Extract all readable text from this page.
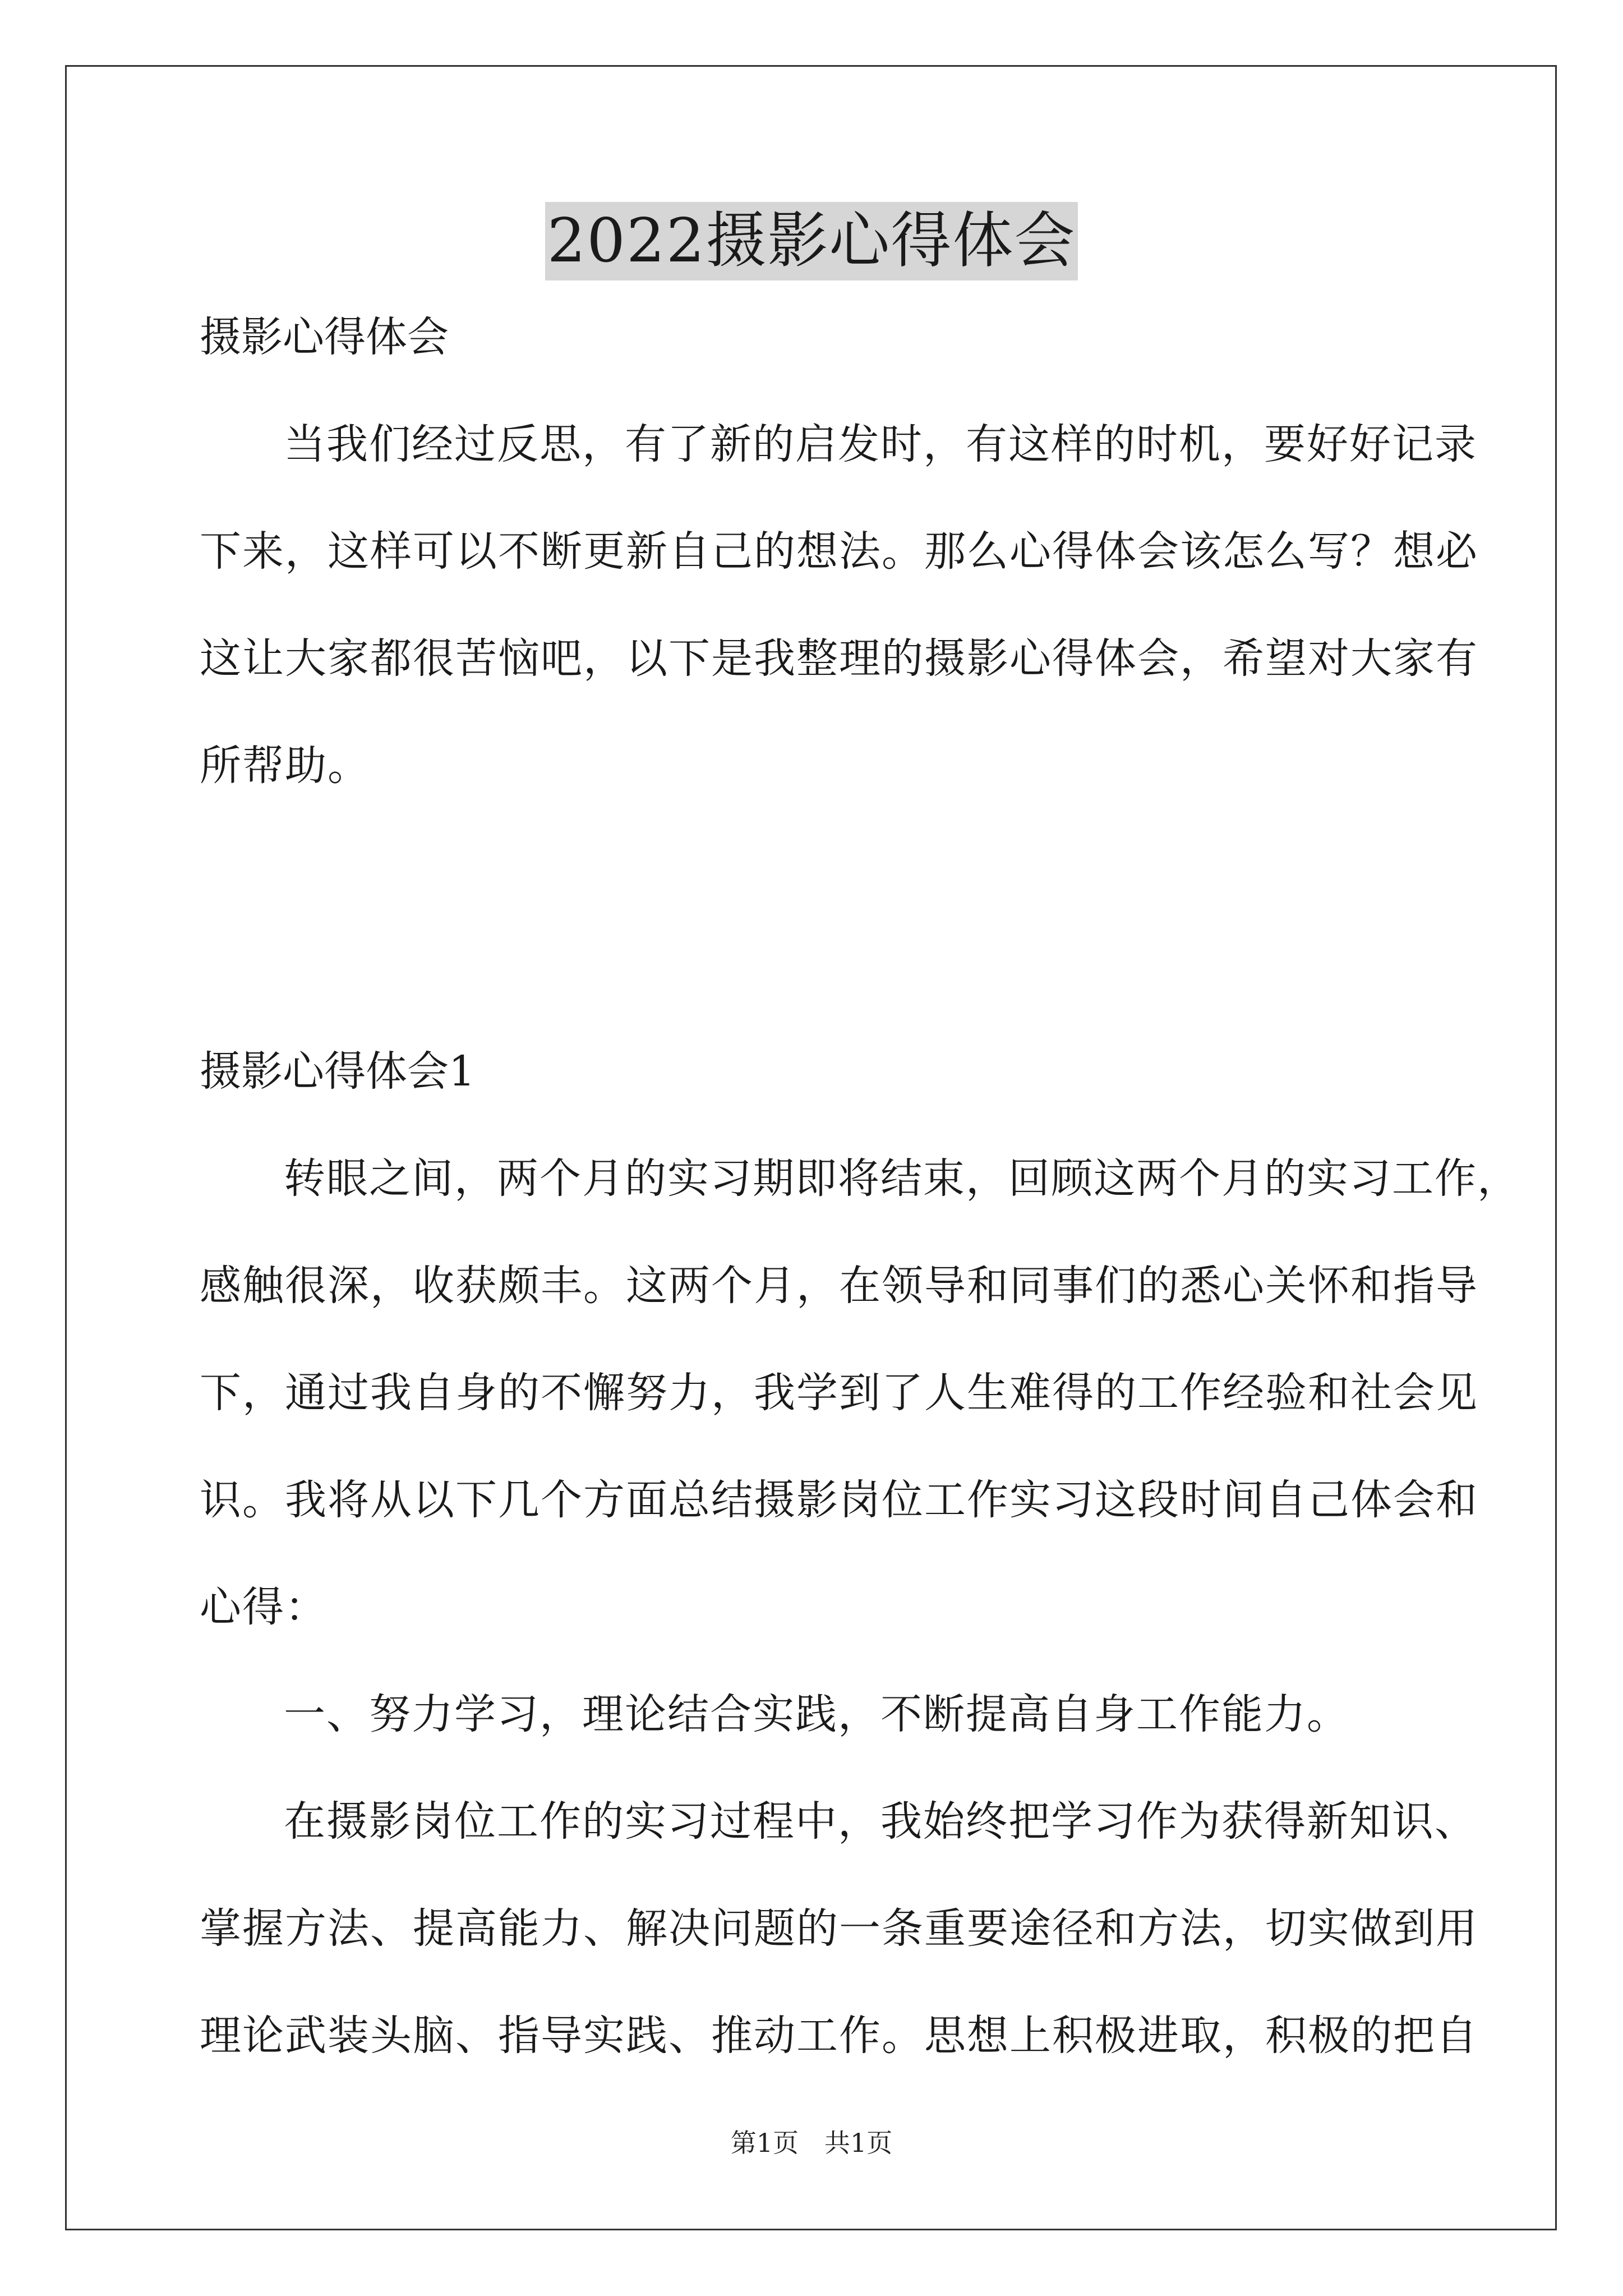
2022摄影心得体会
摄影心得体会
当我们经过反思，有了新的启发时，有这样的时机，要好好记录
下来，这样可以不断更新自己的想法。那么心得体会该怎么写？想必
这让大家都很苦恼吧，以下是我整理的摄影心得体会，希望对大家有
所帮助。
摄影心得体会1
转眼之间，两个月的实习期即将结束，回顾这两个月的实习工作，
感触很深，收获颇丰。这两个月，在领导和同事们的悉心关怀和指导
下，通过我自身的不懈努力，我学到了人生难得的工作经验和社会见
识。我将从以下几个方面总结摄影岗位工作实习这段时间自己体会和
心得：
一、努力学习，理论结合实践，不断提高自身工作能力。
在摄影岗位工作的实习过程中，我始终把学习作为获得新知识、
掌握方法、提高能力、解决问题的一条重要途径和方法，切实做到用
理论武装头脑、指导实践、推动工作。思想上积极进取，积极的把自
第1页　共1页
